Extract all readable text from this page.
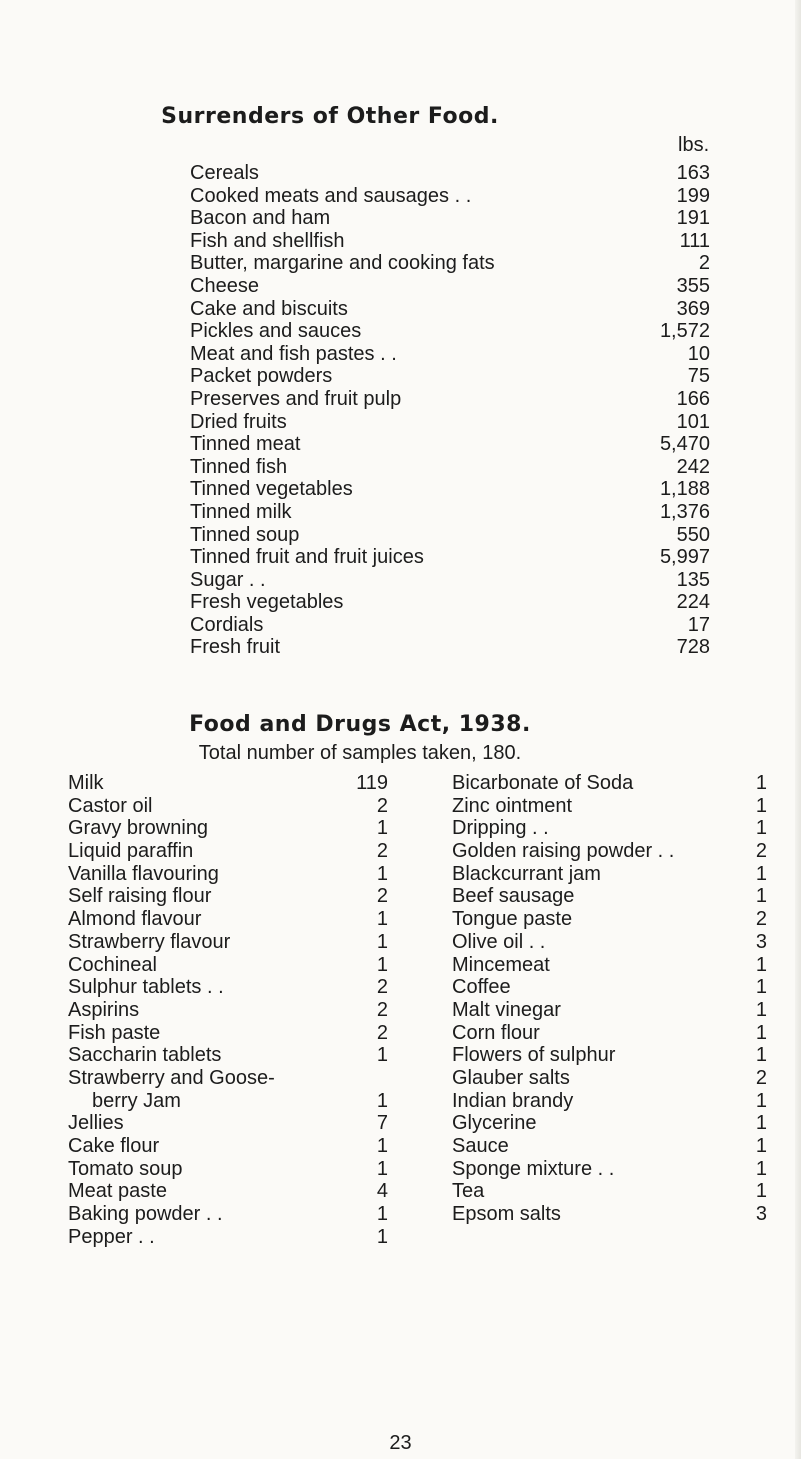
Surrenders of Other Food.
lbs.
Cereals	163
Cooked meats and sausages . .	199
Bacon and ham	191
Fish and shellfish	111
Butter, margarine and cooking fats	2
Cheese	355
Cake and biscuits	369
Pickles and sauces	1,572
Meat and fish pastes . .	10
Packet powders	75
Preserves and fruit pulp	166
Dried fruits	101
Tinned meat	5,470
Tinned fish	242
Tinned vegetables	1,188
Tinned milk	1,376
Tinned soup	550
Tinned fruit and fruit juices	5,997
Sugar . .	135
Fresh vegetables	224
Cordials	17
Fresh fruit	728
Food and Drugs Act, 1938.
Total number of samples taken, 180.
Milk	119
Castor oil	2
Gravy browning	1
Liquid paraffin	2
Vanilla flavouring	1
Self raising flour	2
Almond flavour	1
Strawberry flavour	1
Cochineal	1
Sulphur tablets . .	2
Aspirins	2
Fish paste	2
Saccharin tablets	1
Strawberry and Goose-
berry Jam	1
Jellies	7
Cake flour	1
Tomato soup	1
Meat paste	4
Baking powder . .	1
Pepper . .	1
Bicarbonate of Soda	1
Zinc ointment	1
Dripping . .	1
Golden raising powder . .	2
Blackcurrant jam	1
Beef sausage	1
Tongue paste	2
Olive oil . .	3
Mincemeat	1
Coffee	1
Malt vinegar	1
Corn flour	1
Flowers of sulphur	1
Glauber salts	2
Indian brandy	1
Glycerine	1
Sauce	1
Sponge mixture . .	1
Tea	1
Epsom salts	3
23
